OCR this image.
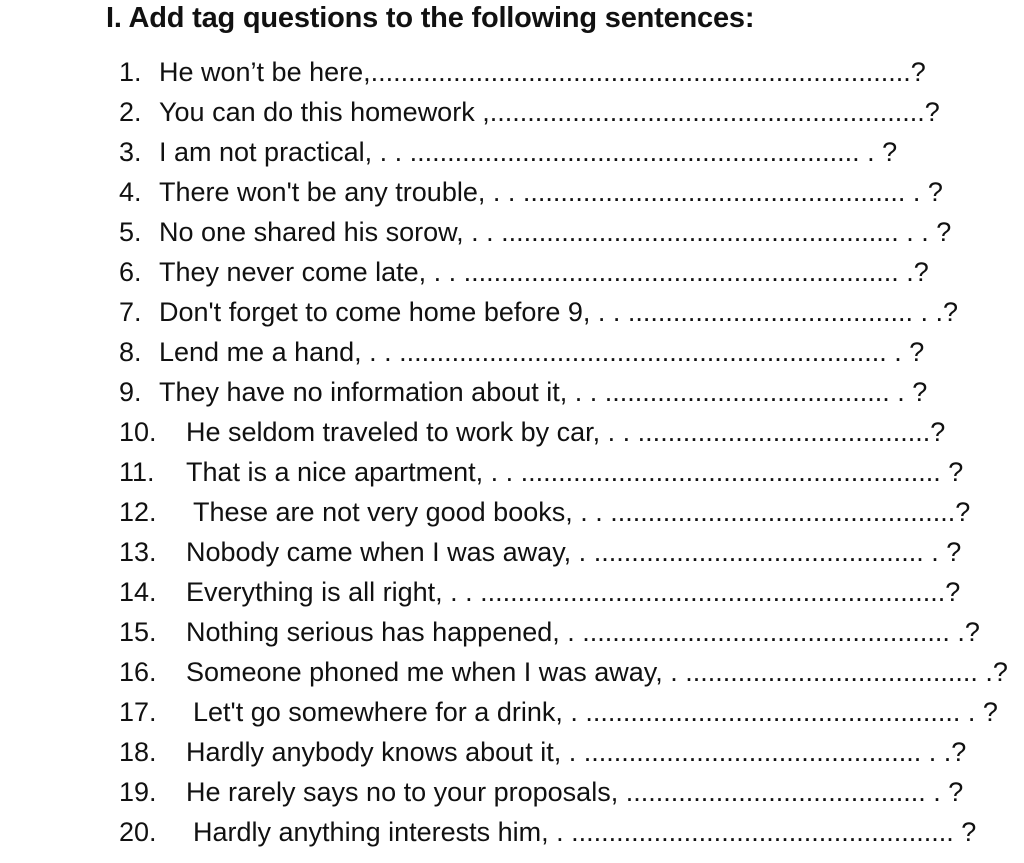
I. Add tag questions to the following sentences:
1. He won’t be here,........................................................................?
2. You can do this homework ,..........................................................?
3. I am not practical, . . ............................................................ . ?
4. There won't be any trouble, . . ................................................... . ?
5. No one shared his sorow, . . ..................................................... . . ?
6. They never come late, . . .......................................................... .?
7. Don't forget to come home before 9, . . ...................................... . .?
8. Lend me a hand, . . ................................................................. . ?
9. They have no information about it, . . ...................................... . ?
10. He seldom traveled to work by car, . . .......................................?
11. That is a nice apartment, . . ........................................................ ?
12. These are not very good books, . . ..............................................?
13. Nobody came when I was away, . ............................................ . ?
14. Everything is all right, . . ..............................................................?
15. Nothing serious has happened, . ................................................. .?
16. Someone phoned me when I was away, . ....................................... .?
17. Let't go somewhere for a drink, . .................................................. . ?
18. Hardly anybody knows about it, . ............................................. . .?
19. He rarely says no to your proposals, ........................................ . ?
20. Hardly anything interests him, . ................................................... ?
